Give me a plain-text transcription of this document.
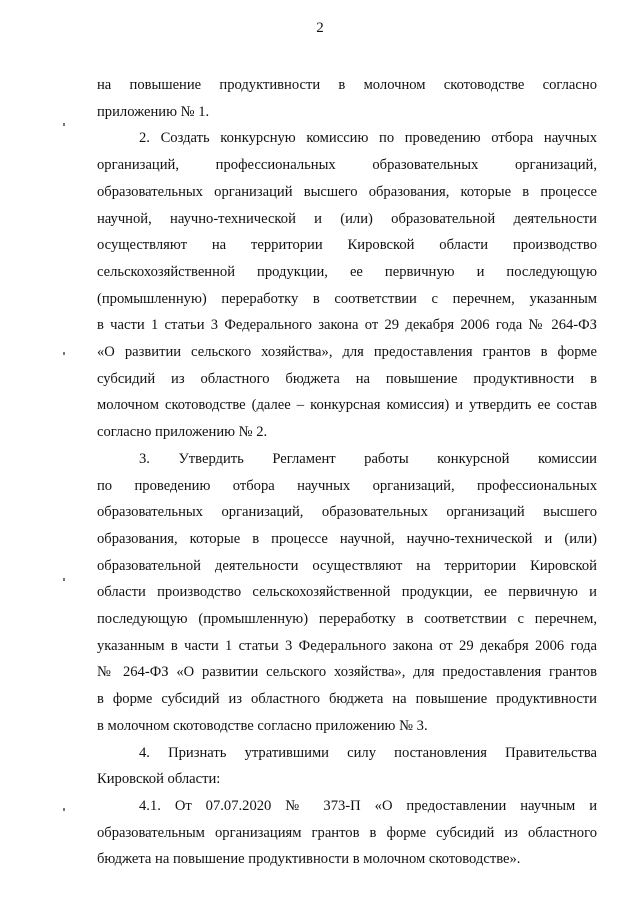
2
на повышение продуктивности в молочном скотоводстве согласно
приложению № 1.
2. Создать конкурсную комиссию по проведению отбора научных
организаций, профессиональных образовательных организаций,
образовательных организаций высшего образования, которые в процессе
научной, научно-технической и (или) образовательной деятельности
осуществляют на территории Кировской области производство
сельскохозяйственной продукции, ее первичную и последующую
(промышленную) переработку в соответствии с перечнем, указанным
в части 1 статьи 3 Федерального закона от 29 декабря 2006 года № 264-ФЗ
«О развитии сельского хозяйства», для предоставления грантов в форме
субсидий из областного бюджета на повышение продуктивности в
молочном скотоводстве (далее – конкурсная комиссия) и утвердить ее состав
согласно приложению № 2.
3. Утвердить Регламент работы конкурсной комиссии
по проведению отбора научных организаций, профессиональных
образовательных организаций, образовательных организаций высшего
образования, которые в процессе научной, научно-технической и (или)
образовательной деятельности осуществляют на территории Кировской
области производство сельскохозяйственной продукции, ее первичную и
последующую (промышленную) переработку в соответствии с перечнем,
указанным в части 1 статьи 3 Федерального закона от 29 декабря 2006 года
№ 264-ФЗ «О развитии сельского хозяйства», для предоставления грантов
в форме субсидий из областного бюджета на повышение продуктивности
в молочном скотоводстве согласно приложению № 3.
4. Признать утратившими силу постановления Правительства
Кировской области:
4.1. От 07.07.2020 № 373-П «О предоставлении научным и
образовательным организациям грантов в форме субсидий из областного
бюджета на повышение продуктивности в молочном скотоводстве».
